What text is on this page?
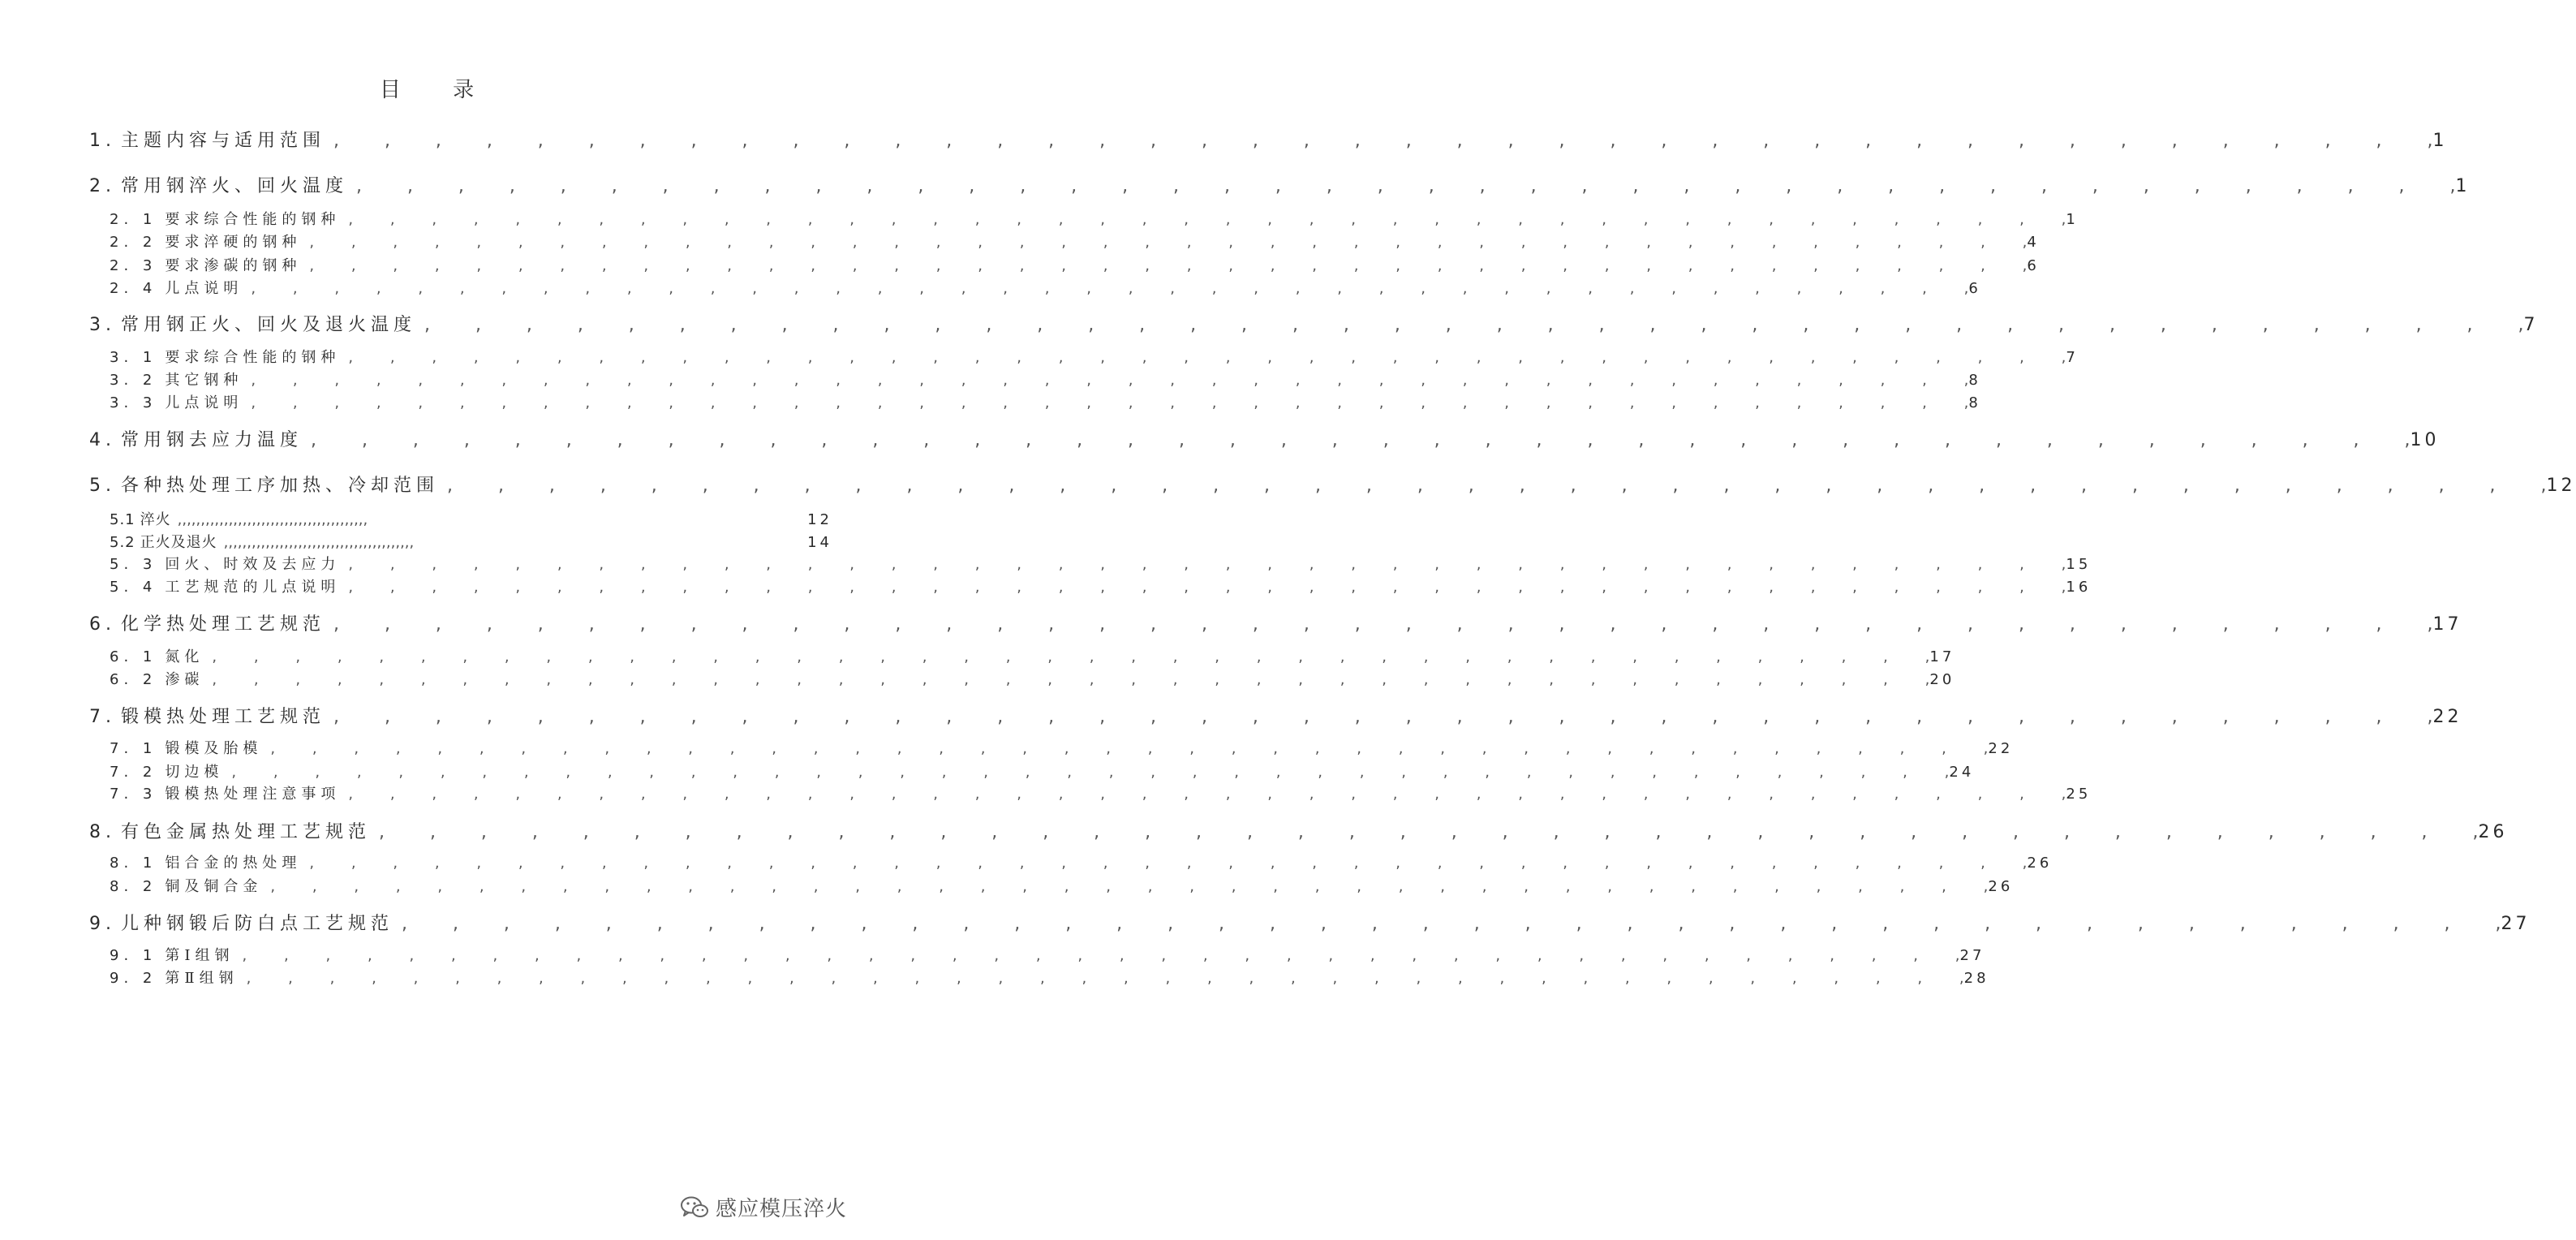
目 录
1. 主题内容与适用范围 , , , , , , , , , , , , , , , , , , , , , , , , , , , , , , , , , , , , , , , , , ,	1
2. 常用钢淬火、回火温度 , , , , , , , , , , , , , , , , , , , , , , , , , , , , , , , , , , , , , , , , , ,	1
2. 1 要求综合性能的钢种 , , , , , , , , , , , , , , , , , , , , , , , , , , , , , , , , , , , , , , , , , ,	1
2. 2 要求淬硬的钢种 , , , , , , , , , , , , , , , , , , , , , , , , , , , , , , , , , , , , , , , , , ,	4
2. 3 要求渗碳的钢种 , , , , , , , , , , , , , , , , , , , , , , , , , , , , , , , , , , , , , , , , , ,	6
2. 4 儿点说明 , , , , , , , , , , , , , , , , , , , , , , , , , , , , , , , , , , , , , , , , , ,	6
3. 常用钢正火、回火及退火温度 , , , , , , , , , , , , , , , , , , , , , , , , , , , , , , , , , , , , , , , , , ,	7
3. 1 要求综合性能的钢种 , , , , , , , , , , , , , , , , , , , , , , , , , , , , , , , , , , , , , , , , , ,	7
3. 2 其它钢种 , , , , , , , , , , , , , , , , , , , , , , , , , , , , , , , , , , , , , , , , , ,	8
3. 3 儿点说明 , , , , , , , , , , , , , , , , , , , , , , , , , , , , , , , , , , , , , , , , , ,	8
4. 常用钢去应力温度 , , , , , , , , , , , , , , , , , , , , , , , , , , , , , , , , , , , , , , , , , ,	10
5. 各种热处理工序加热、冷却范围 , , , , , , , , , , , , , , , , , , , , , , , , , , , , , , , , , , , , , , , , , ,	12
5.1 淬火 ,,,,,,,,,,,,,,,,,,,,,,,,,,,,,,,,,,,,,,,,,	12
5.2 正火及退火 ,,,,,,,,,,,,,,,,,,,,,,,,,,,,,,,,,,,,,,,,,	14
5. 3 回火、时效及去应力 , , , , , , , , , , , , , , , , , , , , , , , , , , , , , , , , , , , , , , , , , ,	15
5. 4 工艺规范的儿点说明 , , , , , , , , , , , , , , , , , , , , , , , , , , , , , , , , , , , , , , , , , ,	16
6. 化学热处理工艺规范 , , , , , , , , , , , , , , , , , , , , , , , , , , , , , , , , , , , , , , , , , ,	17
6. 1 氮化 , , , , , , , , , , , , , , , , , , , , , , , , , , , , , , , , , , , , , , , , , ,	17
6. 2 渗碳 , , , , , , , , , , , , , , , , , , , , , , , , , , , , , , , , , , , , , , , , , ,	20
7. 锻模热处理工艺规范 , , , , , , , , , , , , , , , , , , , , , , , , , , , , , , , , , , , , , , , , , ,	22
7. 1 锻模及胎模 , , , , , , , , , , , , , , , , , , , , , , , , , , , , , , , , , , , , , , , , , ,	22
7. 2 切边模 , , , , , , , , , , , , , , , , , , , , , , , , , , , , , , , , , , , , , , , , , ,	24
7. 3 锻模热处理注意事项 , , , , , , , , , , , , , , , , , , , , , , , , , , , , , , , , , , , , , , , , , ,	25
8. 有色金属热处理工艺规范 , , , , , , , , , , , , , , , , , , , , , , , , , , , , , , , , , , , , , , , , , ,	26
8. 1 铝合金的热处理 , , , , , , , , , , , , , , , , , , , , , , , , , , , , , , , , , , , , , , , , , ,	26
8. 2 铜及铜合金 , , , , , , , , , , , , , , , , , , , , , , , , , , , , , , , , , , , , , , , , , ,	26
9. 儿种钢锻后防白点工艺规范 , , , , , , , , , , , , , , , , , , , , , , , , , , , , , , , , , , , , , , , , , ,	27
9. 1 第Ⅰ组钢 , , , , , , , , , , , , , , , , , , , , , , , , , , , , , , , , , , , , , , , , , ,	27
9. 2 第Ⅱ组钢 , , , , , , , , , , , , , , , , , , , , , , , , , , , , , , , , , , , , , , , , , ,	28
感应模压淬火
